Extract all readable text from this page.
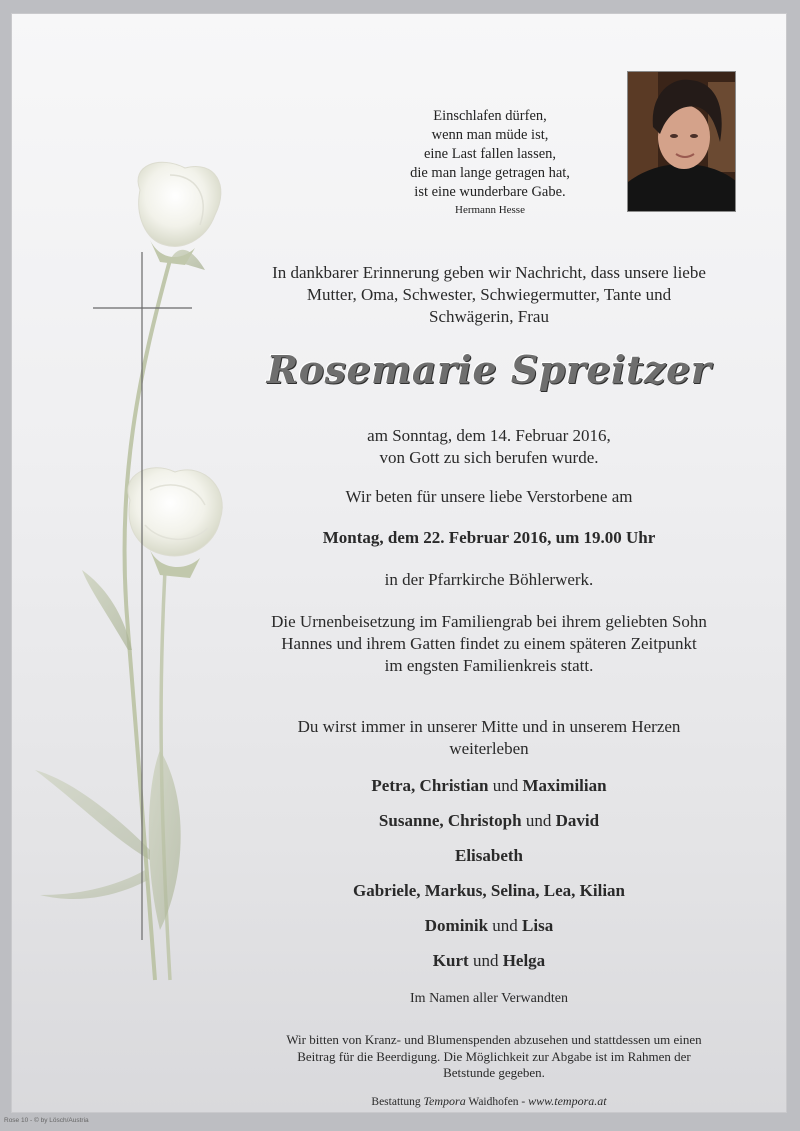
Einschlafen dürfen,
wenn man müde ist,
eine Last fallen lassen,
die man lange getragen hat,
ist eine wunderbare Gabe.
Hermann Hesse
In dankbarer Erinnerung geben wir Nachricht, dass unsere liebe
Mutter, Oma, Schwester, Schwiegermutter, Tante und
Schwägerin, Frau
Rosemarie Spreitzer
am Sonntag, dem 14. Februar 2016,
von Gott zu sich berufen wurde.
Wir beten für unsere liebe Verstorbene am
Montag, dem 22. Februar 2016, um 19.00 Uhr
in der Pfarrkirche Böhlerwerk.
Die Urnenbeisetzung im Familiengrab bei ihrem geliebten Sohn
Hannes und ihrem Gatten findet zu einem späteren Zeitpunkt
im engsten Familienkreis statt.
Du wirst immer in unserer Mitte und in unserem Herzen
weiterleben
Petra, Christian und Maximilian
Susanne, Christoph und David
Elisabeth
Gabriele, Markus, Selina, Lea, Kilian
Dominik und Lisa
Kurt und Helga
Im Namen aller Verwandten
Wir bitten von Kranz- und Blumenspenden abzusehen und stattdessen um einen
Beitrag für die Beerdigung. Die Möglichkeit zur Abgabe ist im Rahmen der
Betstunde gegeben.
Bestattung Tempora Waidhofen - www.tempora.at
Rose 10 - © by Lösch/Austria
